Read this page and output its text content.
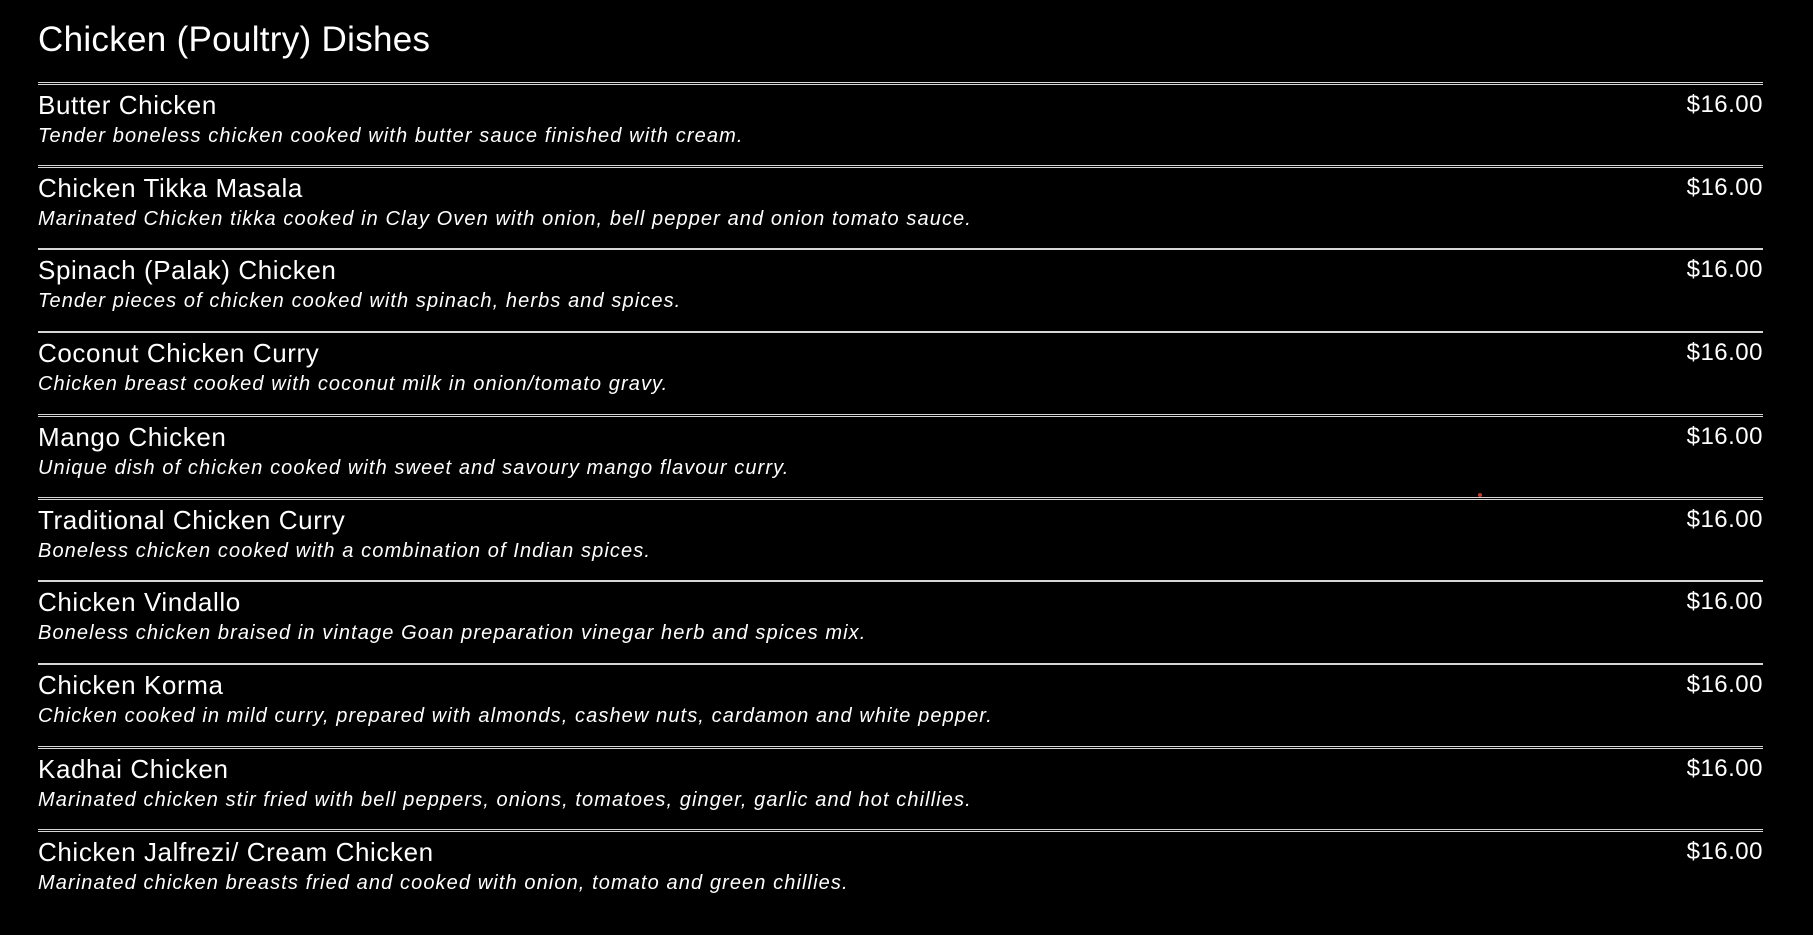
Chicken (Poultry) Dishes
Butter Chicken	$16.00
Tender boneless chicken cooked with butter sauce finished with cream.
Chicken Tikka Masala	$16.00
Marinated Chicken tikka cooked in Clay Oven with onion, bell pepper and onion tomato sauce.
Spinach (Palak) Chicken	$16.00
Tender pieces of chicken cooked with spinach, herbs and spices.
Coconut Chicken Curry	$16.00
Chicken breast cooked with coconut milk in onion/tomato gravy.
Mango Chicken	$16.00
Unique dish of chicken cooked with sweet and savoury mango flavour curry.
Traditional Chicken Curry	$16.00
Boneless chicken cooked with a combination of Indian spices.
Chicken Vindallo	$16.00
Boneless chicken braised in vintage Goan preparation vinegar herb and spices mix.
Chicken Korma	$16.00
Chicken cooked in mild curry, prepared with almonds, cashew nuts, cardamon and white pepper.
Kadhai Chicken	$16.00
Marinated chicken stir fried with bell peppers, onions, tomatoes, ginger, garlic and hot chillies.
Chicken Jalfrezi/ Cream Chicken	$16.00
Marinated chicken breasts fried and cooked with onion, tomato and green chillies.
